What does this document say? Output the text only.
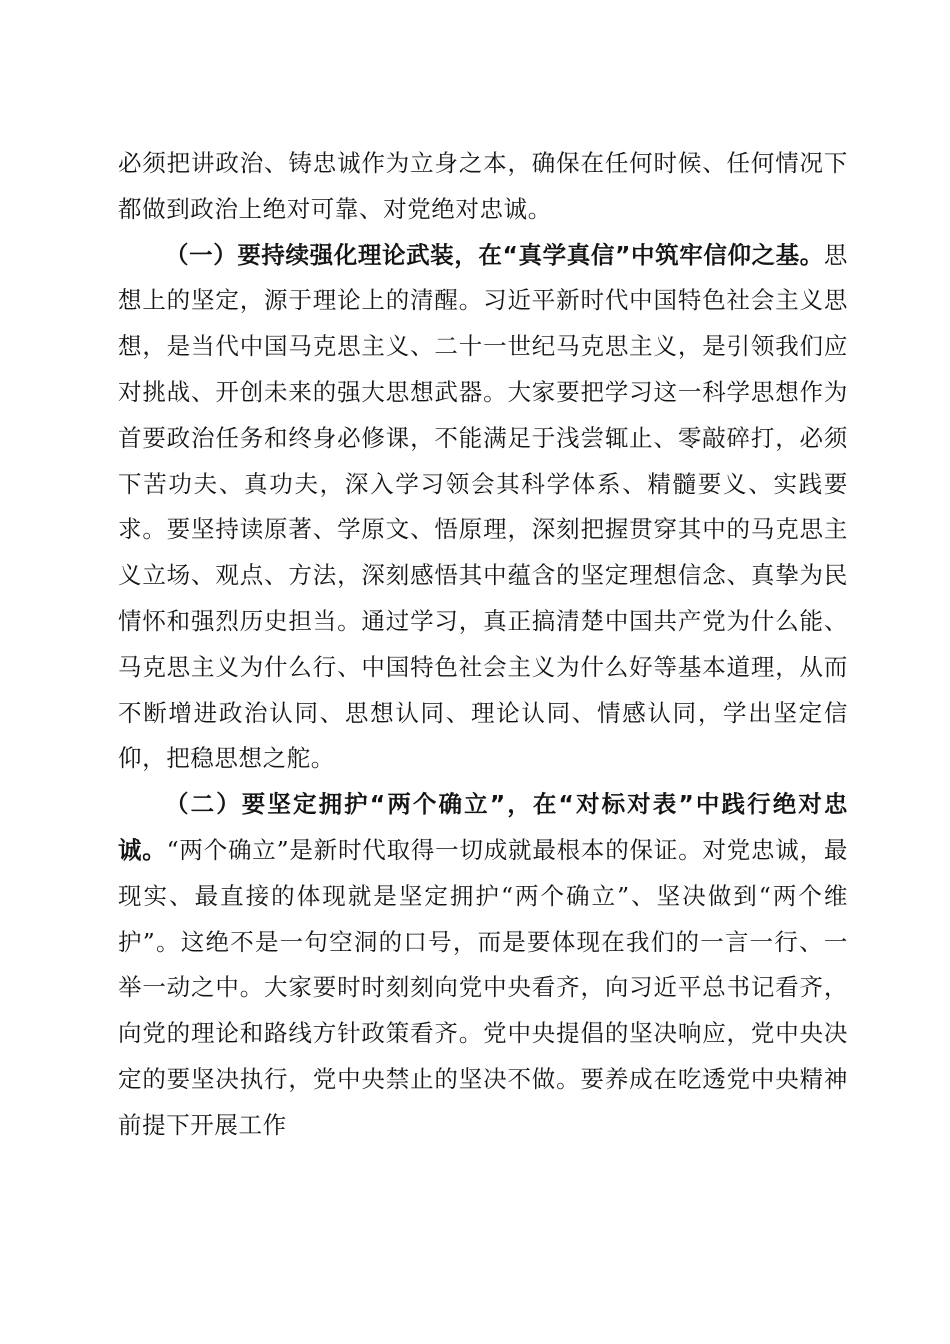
必须把讲政治、铸忠诚作为立身之本，确保在任何时候、任何情况下都做到政治上绝对可靠、对党绝对忠诚。

（一）要持续强化理论武装，在“真学真信”中筑牢信仰之基。思想上的坚定，源于理论上的清醒。习近平新时代中国特色社会主义思想，是当代中国马克思主义、二十一世纪马克思主义，是引领我们应对挑战、开创未来的强大思想武器。大家要把学习这一科学思想作为首要政治任务和终身必修课，不能满足于浅尝辄止、零敲碎打，必须下苦功夫、真功夫，深入学习领会其科学体系、精髓要义、实践要求。要坚持读原著、学原文、悟原理，深刻把握贯穿其中的马克思主义立场、观点、方法，深刻感悟其中蕴含的坚定理想信念、真挚为民情怀和强烈历史担当。通过学习，真正搞清楚中国共产党为什么能、马克思主义为什么行、中国特色社会主义为什么好等基本道理，从而不断增进政治认同、思想认同、理论认同、情感认同，学出坚定信仰，把稳思想之舵。

（二）要坚定拥护“两个确立”，在“对标对表”中践行绝对忠诚。“两个确立”是新时代取得一切成就最根本的保证。对党忠诚，最现实、最直接的体现就是坚定拥护“两个确立”、坚决做到“两个维护”。这绝不是一句空洞的口号，而是要体现在我们的一言一行、一举一动之中。大家要时时刻刻向党中央看齐，向习近平总书记看齐，向党的理论和路线方针政策看齐。党中央提倡的坚决响应，党中央决定的要坚决执行，党中央禁止的坚决不做。要养成在吃透党中央精神前提下开展工作
